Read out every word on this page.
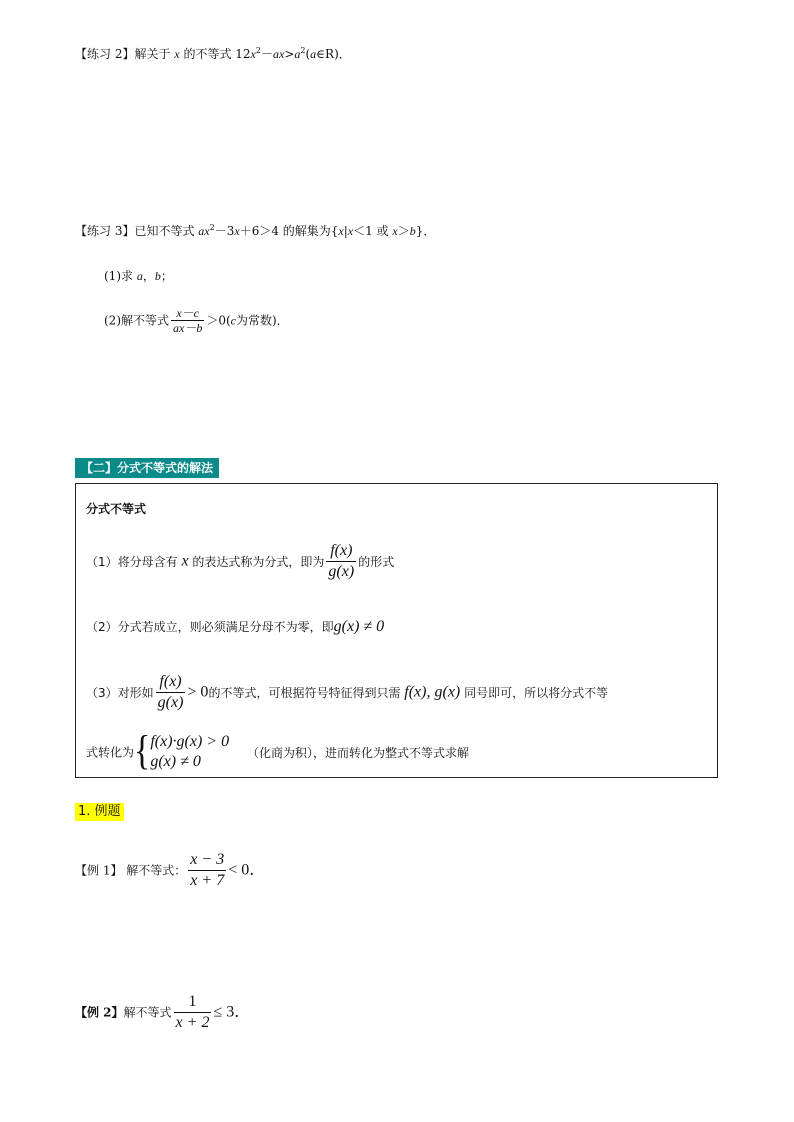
【练习 2】解关于 x 的不等式 $12x^2-ax>a^2(a\in R)$．
【练习 3】已知不等式 $ax^2-3x+6>4$ 的解集为{x|x＜1 或 x＞b}．
(1)求 a，b；
(2)解不等式 $\frac{x-c}{ax-b} >0(c$为常数)．
【二】分式不等式的解法
分式不等式
（1）将分母含有 x 的表达式称为分式，即为 $\frac{f(x)}{g(x)}$ 的形式
（2）分式若成立，则必须满足分母不为零，即g(x) ≠ 0
（3）对形如 $\frac{f(x)}{g(x)} > 0$的不等式，可根据符号特征得到只需 f(x), g(x) 同号即可，所以将分式不等
式转化为{ f(x)·g(x) > 0
g(x) ≠ 0
（化商为积），进而转化为整式不等式求解
1. 例题
【例 1】 解不等式： $\frac{x - 3}{x + 7} < 0$．
【例 2】解不等式 $\frac{1}{x + 2} \le 3$．
